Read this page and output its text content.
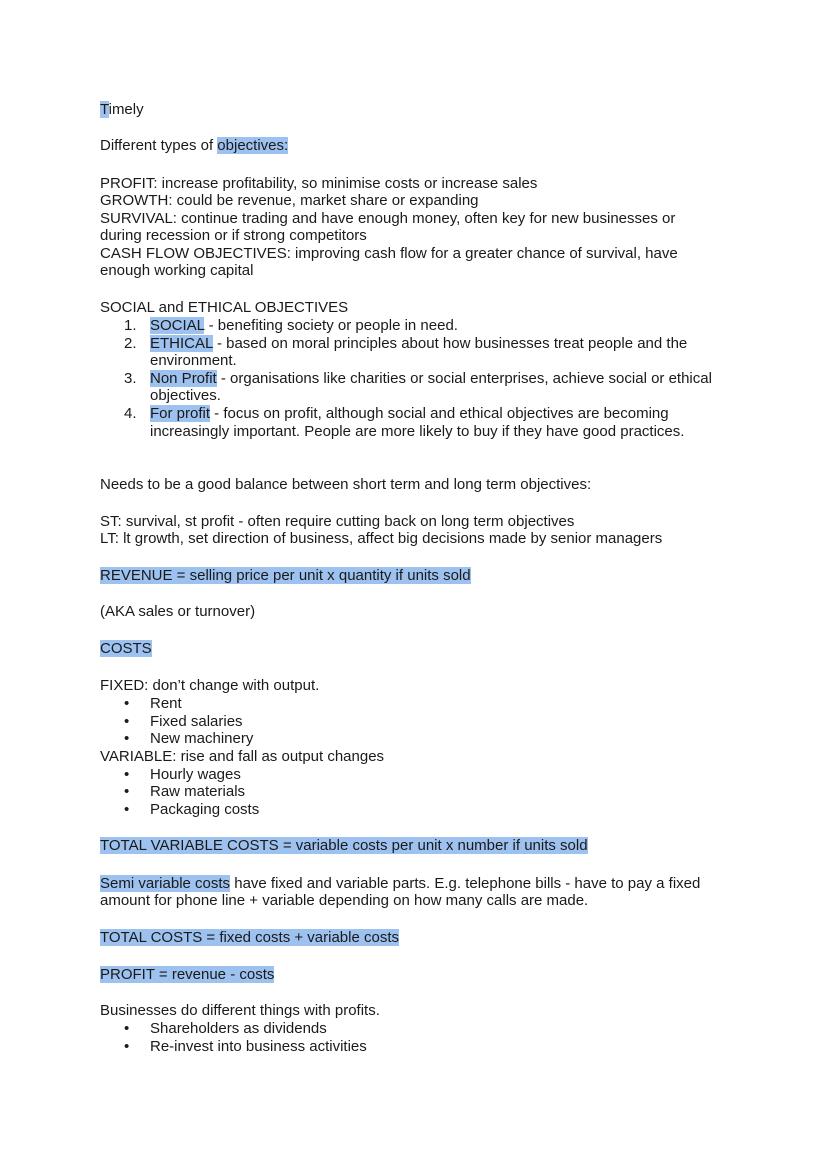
Timely
Different types of objectives:
PROFIT: increase profitability, so minimise costs or increase sales
GROWTH: could be revenue, market share or expanding
SURVIVAL: continue trading and have enough money, often key for new businesses or
during recession or if strong competitors
CASH FLOW OBJECTIVES: improving cash flow for a greater chance of survival, have
enough working capital
SOCIAL and ETHICAL OBJECTIVES
1. SOCIAL - benefiting society or people in need.
2. ETHICAL - based on moral principles about how businesses treat people and the
environment.
3. Non Profit - organisations like charities or social enterprises, achieve social or ethical
objectives.
4. For profit - focus on profit, although social and ethical objectives are becoming
increasingly important. People are more likely to buy if they have good practices.
Needs to be a good balance between short term and long term objectives:
ST: survival, st profit - often require cutting back on long term objectives
LT: lt growth, set direction of business, affect big decisions made by senior managers
REVENUE = selling price per unit x quantity if units sold
(AKA sales or turnover)
COSTS
FIXED: don’t change with output.
• Rent
• Fixed salaries
• New machinery
VARIABLE: rise and fall as output changes
• Hourly wages
• Raw materials
• Packaging costs
TOTAL VARIABLE COSTS = variable costs per unit x number if units sold
Semi variable costs have fixed and variable parts. E.g. telephone bills - have to pay a fixed
amount for phone line + variable depending on how many calls are made.
TOTAL COSTS = fixed costs + variable costs
PROFIT = revenue - costs
Businesses do different things with profits.
• Shareholders as dividends
• Re-invest into business activities
